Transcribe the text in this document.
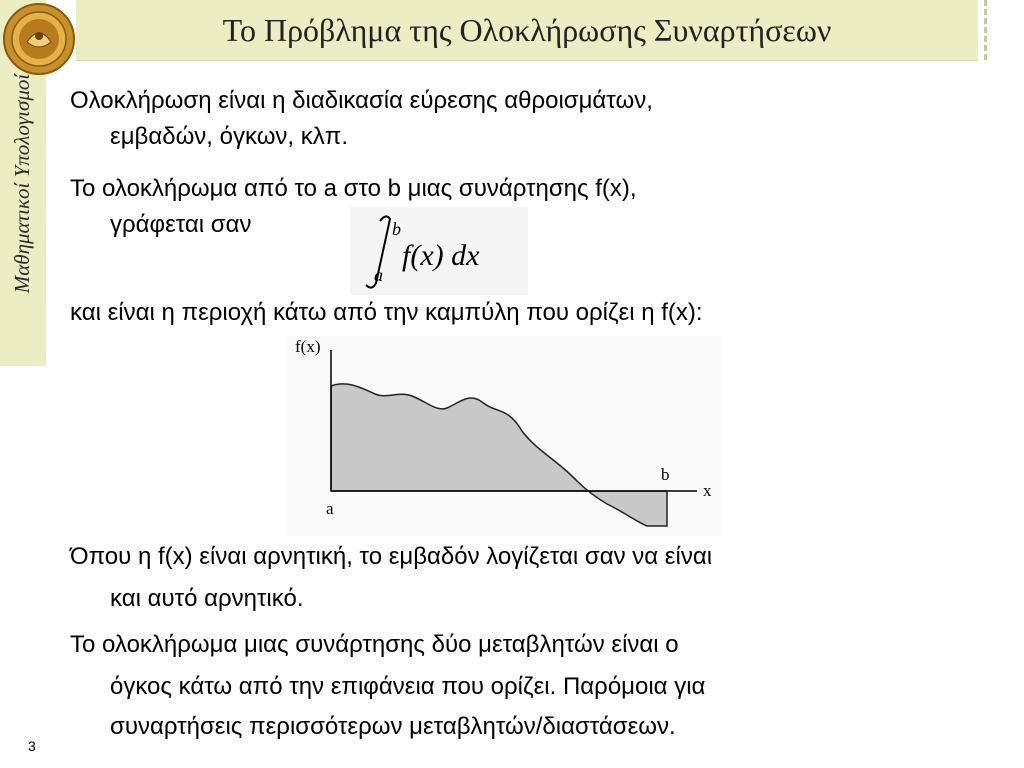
Μαθηματικοί Υπολογισμοί
Το Πρόβλημα της Ολοκλήρωσης Συναρτήσεων
Ολοκλήρωση είναι η διαδικασία εύρεσης αθροισμάτων,
εμβαδών, όγκων, κλπ.
Το ολοκλήρωμα από το a στο b μιας συνάρτησης f(x),
γράφεται σαν	b
a
f(x) dx
και είναι η περιοχή κάτω από την καμπύλη που ορίζει η f(x):
f(x)
x
a
b
Όπου η f(x) είναι αρνητική, το εμβαδόν λογίζεται σαν να είναι
και αυτό αρνητικό.
Το ολοκλήρωμα μιας συνάρτησης δύο μεταβλητών είναι ο
όγκος κάτω από την επιφάνεια που ορίζει. Παρόμοια για
συναρτήσεις περισσότερων μεταβλητών/διαστάσεων.
3
